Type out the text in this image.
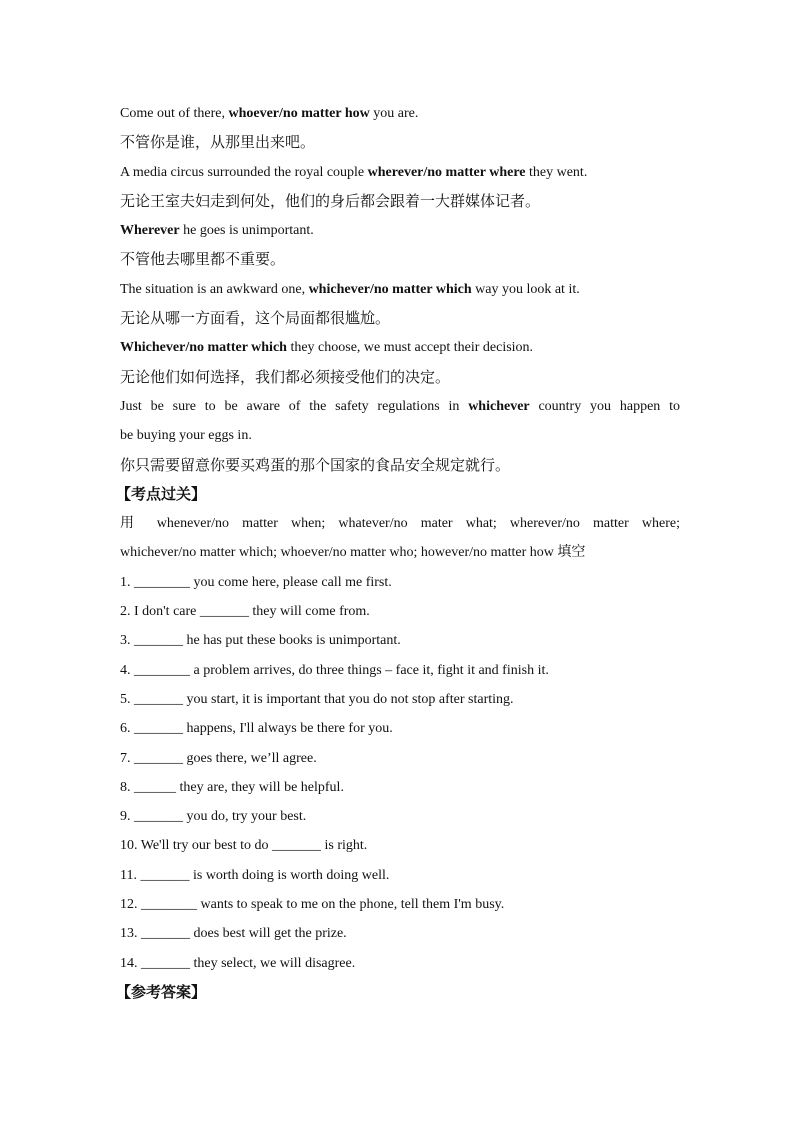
Come out of there, whoever/no matter how you are.
不管你是谁，从那里出来吧。
A media circus surrounded the royal couple wherever/no matter where they went.
无论王室夫妇走到何处，他们的身后都会跟着一大群媒体记者。
Wherever he goes is unimportant.
不管他去哪里都不重要。
The situation is an awkward one, whichever/no matter which way you look at it.
无论从哪一方面看，这个局面都很尴尬。
Whichever/no matter which they choose, we must accept their decision.
无论他们如何选择，我们都必须接受他们的决定。
Just be sure to be aware of the safety regulations in whichever country you happen to
be buying your eggs in.
你只需要留意你要买鸡蛋的那个国家的食品安全规定就行。
【考点过关】
用 whenever/no matter when; whatever/no mater what; wherever/no matter where;
whichever/no matter which; whoever/no matter who; however/no matter how 填空
1. ________ you come here, please call me first.
2. I don't care _______ they will come from.
3. _______ he has put these books is unimportant.
4. ________ a problem arrives, do three things – face it, fight it and finish it.
5. _______ you start, it is important that you do not stop after starting.
6. _______ happens, I'll always be there for you.
7. _______ goes there, we’ll agree.
8. ______ they are, they will be helpful.
9. _______ you do, try your best.
10. We'll try our best to do _______ is right.
11. _______ is worth doing is worth doing well.
12. ________ wants to speak to me on the phone, tell them I'm busy.
13. _______ does best will get the prize.
14. _______ they select, we will disagree.
【参考答案】
